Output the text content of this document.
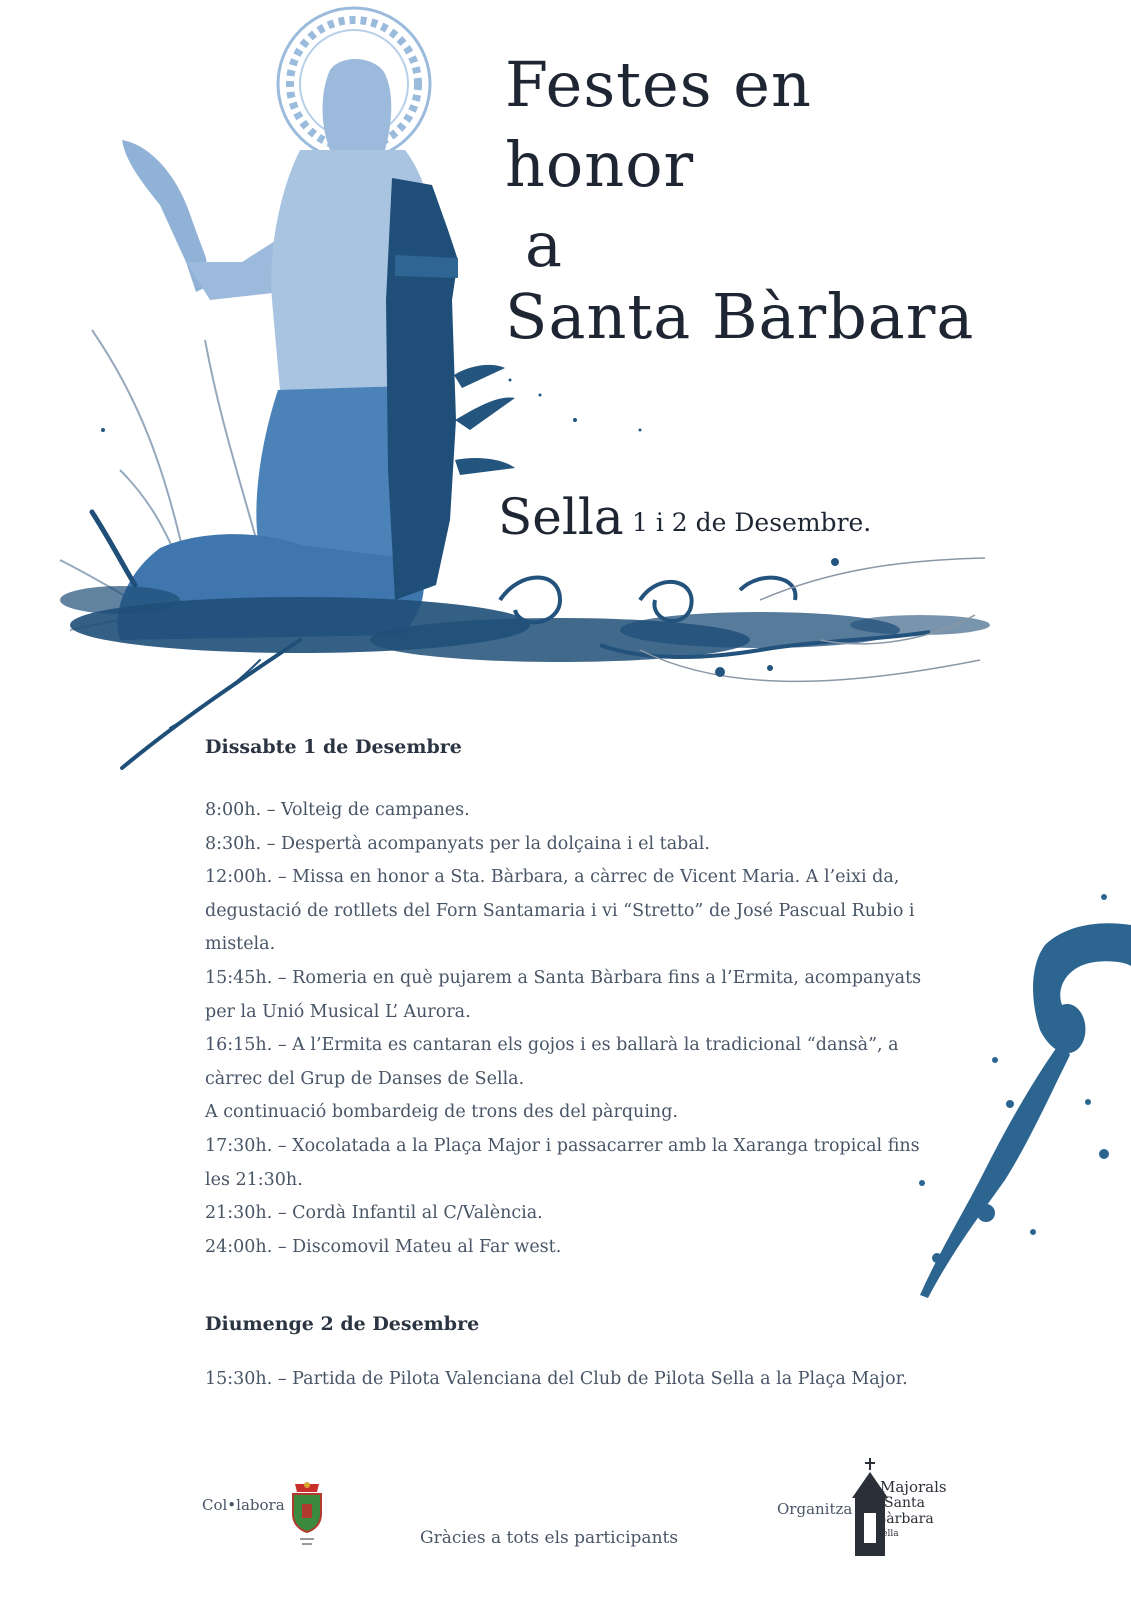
Festes en
honor
a
Santa Bàrbara
Sella 1 i 2 de Desembre.
Dissabte 1 de Desembre

8:00h. – Volteig de campanes.

8:30h. – Despertà acompanyats per la dolçaina i el tabal.

12:00h. – Missa en honor a Sta. Bàrbara, a càrrec de Vicent Maria. A l’eixi da, degustació de rotllets del Forn Santamaria i vi “Stretto” de José Pascual Rubio i mistela.

15:45h. – Romeria en què pujarem a Santa Bàrbara fins a l’Ermita, acompanyats per la Unió Musical L’ Aurora.

16:15h. – A l’Ermita es cantaran els gojos i es ballarà la tradicional “dansà”, a càrrec del Grup de Danses de Sella.

A continuació bombardeig de trons des del pàrquing.

17:30h. – Xocolatada a la Plaça Major i passacarrer amb la Xaranga tropical fins les 21:30h.

21:30h. – Cordà Infantil al C/València.

24:00h. – Discomovil Mateu al Far west.

Diumenge 2 de Desembre

15:30h. – Partida de Pilota Valenciana del Club de Pilota Sella a la Plaça Major.

Col•labora
Gràcies a tots els participants
Organitza
Majorals
Santa
Bàrbara
Sella
